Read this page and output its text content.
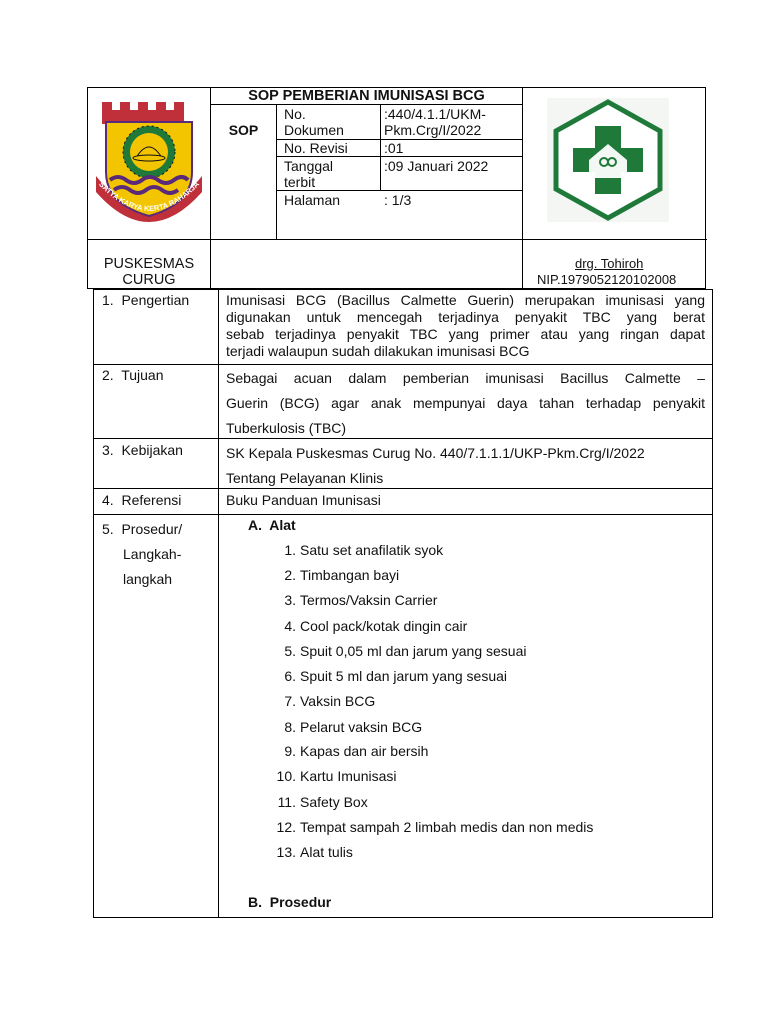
SATYA KARYA KERTA RAHARJA
SOP PEMBERIAN IMUNISASI BCG
SOP
No.
Dokumen
:440/4.1.1/UKM-
Pkm.Crg/I/2022
No. Revisi	:01
Tanggal
terbit
:09 Januari 2022
Halaman	: 1/3
PUSKESMAS
CURUG
drg. Tohiroh
NIP.1979052120102008
1.  Pengertian
2.  Tujuan
3.  Kebijakan
4.  Referensi
5.  Prosedur/
Langkah-
langkah
Imunisasi BCG (Bacillus Calmette Guerin) merupakan imunisasi yang
digunakan untuk mencegah terjadinya penyakit TBC yang berat
sebab terjadinya penyakit TBC yang primer atau yang ringan dapat
terjadi walaupun sudah dilakukan imunisasi BCG
Sebagai acuan dalam pemberian imunisasi Bacillus Calmette –
Guerin (BCG) agar anak mempunyai daya tahan terhadap penyakit
Tuberkulosis (TBC)
SK Kepala Puskesmas Curug No. 440/7.1.1.1/UKP-Pkm.Crg/I/2022
Tentang Pelayanan Klinis
Buku Panduan Imunisasi
A.  Alat
1. Satu set anafilatik syok
2. Timbangan bayi
3. Termos/Vaksin Carrier
4. Cool pack/kotak dingin cair
5. Spuit 0,05 ml dan jarum yang sesuai
6. Spuit 5 ml dan jarum yang sesuai
7. Vaksin BCG
8. Pelarut vaksin BCG
9. Kapas dan air bersih
10. Kartu Imunisasi
11. Safety Box
12. Tempat sampah 2 limbah medis dan non medis
13. Alat tulis
B.  Prosedur
